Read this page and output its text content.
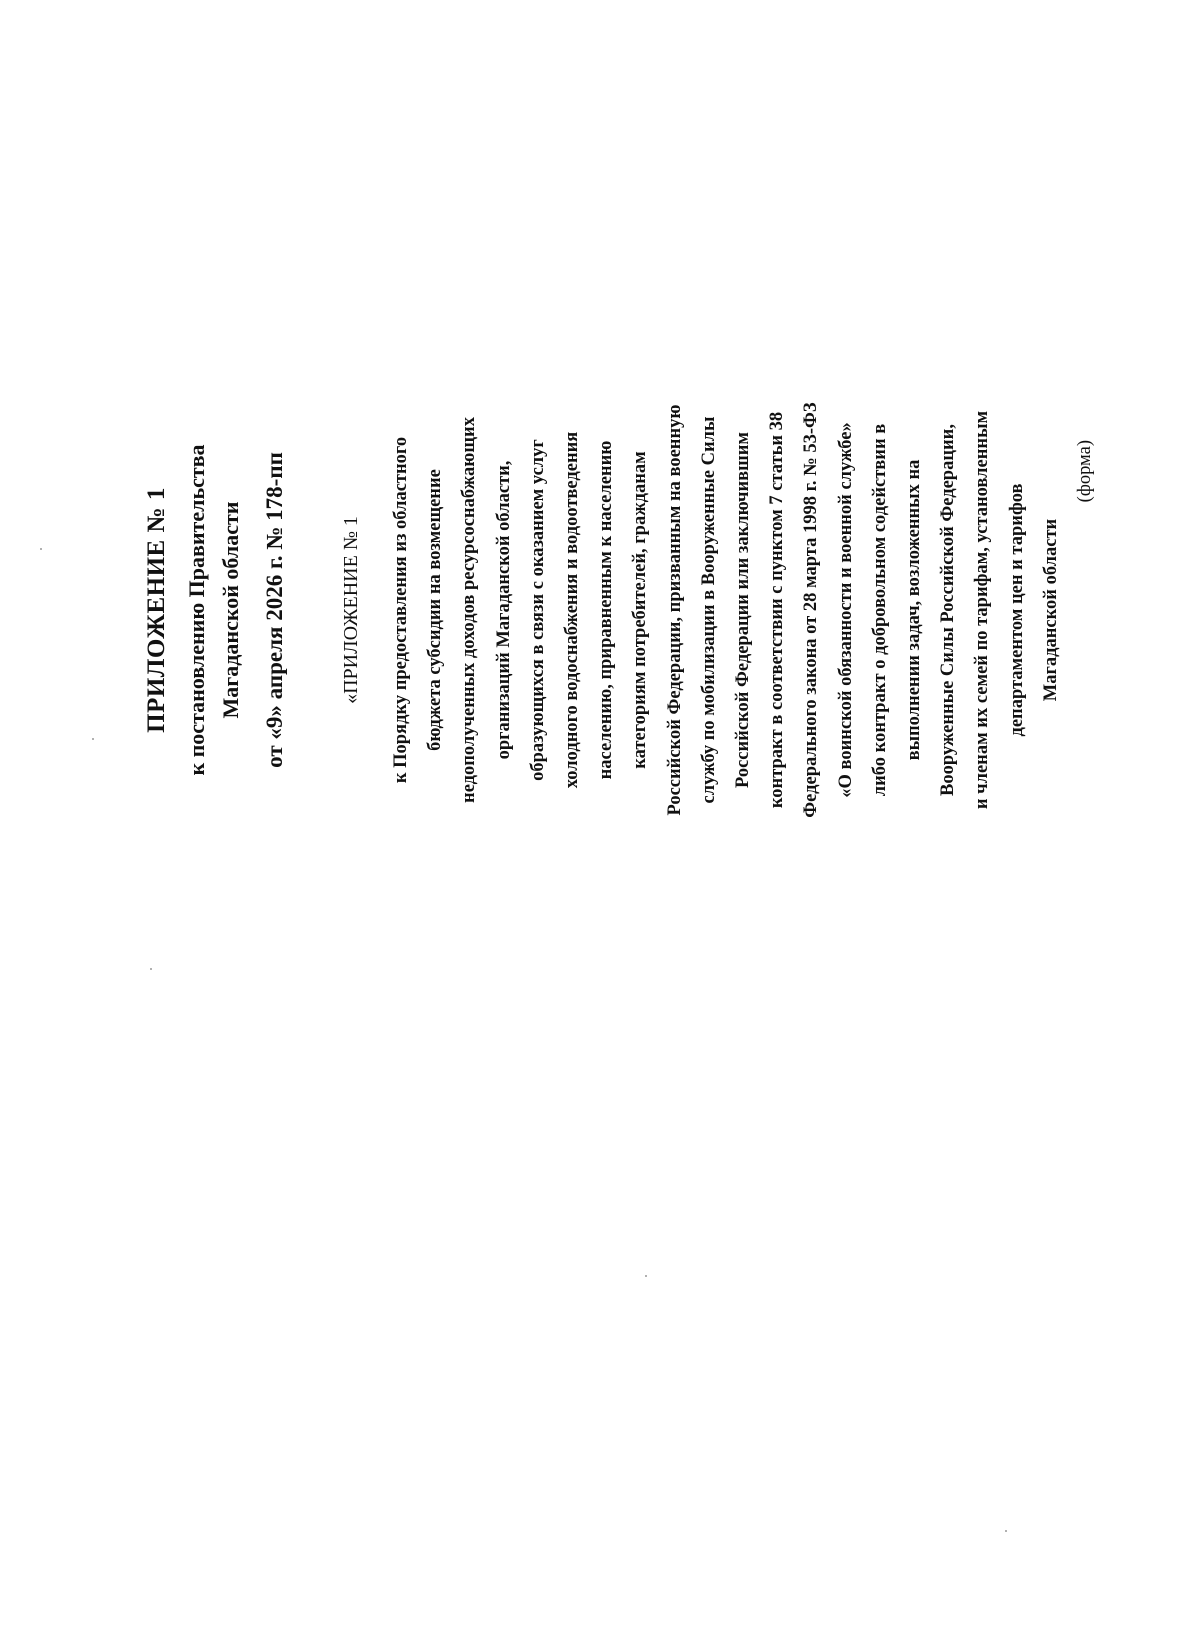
ПРИЛОЖЕНИЕ № 1 к постановлению Правительства Магаданской области от «9» апреля 2026 г. № 178-пп	«ПРИЛОЖЕНИЕ № 1	к Порядку предоставления из областного бюджета субсидии на возмещение недополученных доходов ресурсоснабжающих организаций Магаданской области, образующихся в связи с оказанием услуг холодного водоснабжения и водоотведения населению, приравненным к населению категориям потребителей, гражданам Российской Федерации, призванным на военную службу по мобилизации в Вооруженные Силы Российской Федерации или заключившим контракт в соответствии с пунктом 7 статьи 38 Федерального закона от 28 марта 1998 г. № 53-ФЗ «О воинской обязанности и военной службе» либо контракт о добровольном содействии в выполнении задач, возложенных на Вооруженные Силы Российской Федерации, и членам их семей по тарифам, установленным департаментом цен и тарифов Магаданской области
(форма)
